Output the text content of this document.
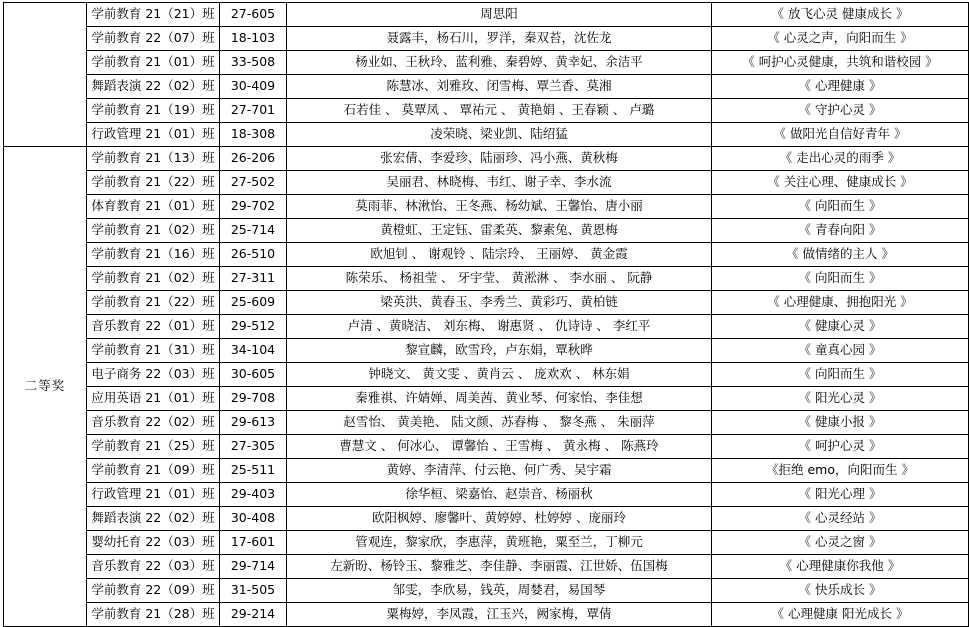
	学前教育 21（21）班	27-605	周思阳	《 放飞心灵 健康成长 》
	学前教育 22（07）班	18-103	聂露丰，杨石川，罗洋，秦双苔，沈佐龙	《 心灵之声，向阳而生 》
	学前教育 21（01）班	33-508	杨业如、王秋玲、蓝利雅、秦碧婷、黄幸妃、余洁平	《 呵护心灵健康，共筑和谐校园 》
	舞蹈表演 22（02）班	30-409	陈慧冰、刘雅玫、闭雪梅、覃兰香、莫湘	《 心理健康 》
	学前教育 21（19）班	27-701	石若佳 、 莫覃凤 、 覃祐元 、 黄艳娟 、王春颖 、 卢璐	《 守护心灵 》
	行政管理 21（01）班	18-308	凌荣晓、梁业凯、陆绍猛	《 做阳光自信好青年 》
二等奖	学前教育 21（13）班	26-206	张宏倩、李爱珍、陆丽珍、冯小燕、黄秋梅	《 走出心灵的雨季 》
	学前教育 21（22）班	27-502	吴丽君、林晓梅、韦红、谢子幸、李水流	《 关注心理、健康成长 》
	体育教育 21（01）班	29-702	莫雨菲、林湫怡、王冬燕、杨幼斌、王馨怡、唐小丽	《 向阳而生 》
	学前教育 21（02）班	25-714	黄橙虹、王定钰、雷柔英、黎素兔、黄恩梅	《 青春向阳 》
	学前教育 21（16）班	26-510	欧旭钊 、 谢观铃 、陆宗玲、 王丽婷、 黄金霞	《 做情绪的主人 》
	学前教育 21（02）班	27-311	陈荣乐、 杨祖莹 、 牙宇莹、 黄淞淋 、 李水丽 、 阮静	《 向阳而生 》
	学前教育 21（22）班	25-609	梁英洪、黄舂玉、李秀兰、黄彩巧、黄柏链	《 心理健康、拥抱阳光 》
	音乐教育 22（01）班	29-512	卢清 、黄晓洁、 刘东梅、 谢惠贤 、 仇诗诗 、 李红平	《 健康心灵 》
	学前教育 21（31）班	34-104	黎宣麟，欧雪玲，卢东娟，覃秋晔	《 童真心园 》
	电子商务 22（03）班	30-605	钟晓文、 黄文雯 、黄肖云 、 庞欢欢 、 林东娟	《 向阳而生 》
	应用英语 21（01）班	29-708	秦雅祺、许婧婵、周美茜、黄业琴、何家怡、李佳想	《 阳光心灵 》
	音乐教育 22（02）班	29-613	赵雪怡、 黄美艳、 陆文颜、苏舂梅 、 黎冬燕 、 朱丽萍	《 健康小报 》
	学前教育 21（25）班	27-305	曹慧文 、 何冰心、 谭馨怡 、王雪梅 、 黄永梅 、 陈燕玲	《 呵护心灵 》
	学前教育 21（09）班	25-511	黄婷、李清萍、付云艳、何广秀、吴宇霜	《拒绝 emo，向阳而生 》
	行政管理 21（01）班	29-403	徐华桓、梁嘉怡、赵崇音、杨丽秋	《 阳光心理 》
	舞蹈表演 22（02）班	30-408	欧阳枫婷、廖馨叶、黄婷婷、杜婷婷 、庞丽玲	《 心灵经站 》
	婴幼托育 22（03）班	17-601	管观连，黎家欣，李惠萍，黄班艳，粟至兰，丁柳元	《 心灵之窗 》
	音乐教育 22（03）班	29-714	左新盼、杨铃玉、黎雅芝、李佳静、李丽霞、江世娇、伍国梅	《 心理健康你我他 》
	学前教育 22（09）班	31-505	邹雯，李欣易，钱英，周婪君，易国琴	《 快乐成长 》
	学前教育 21（28）班	29-214	粟梅婷，李凤霞，江玉兴，阙家梅，覃倩	《 心理健康 阳光成长 》
